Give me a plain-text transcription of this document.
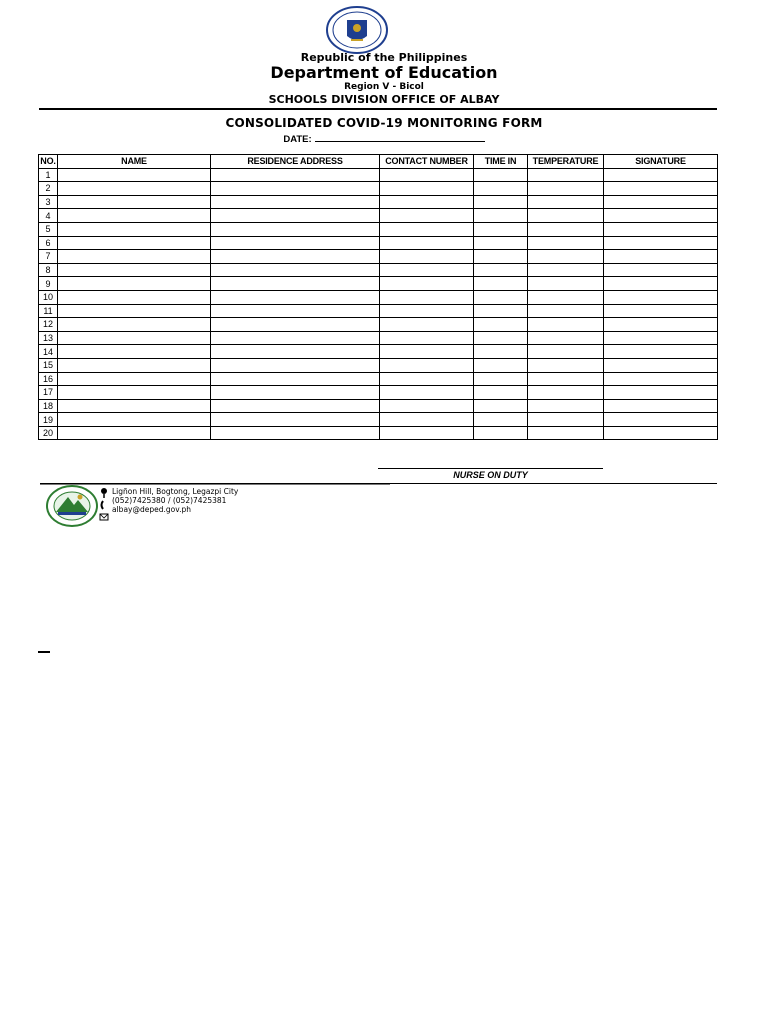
Republic of the Philippines
Department of Education
Region V - Bicol
SCHOOLS DIVISION OFFICE OF ALBAY
CONSOLIDATED COVID-19 MONITORING FORM
DATE:
NO.	NAME	RESIDENCE ADDRESS	CONTACT NUMBER	TIME IN	TEMPERATURE	SIGNATURE
1						
2						
3						
4						
5						
6						
7						
8						
9						
10						
11						
12						
13						
14						
15						
16						
17						
18						
19						
20						
NURSE ON DUTY
Ligñon Hill, Bogtong, Legazpi City
(052)7425380 / (052)7425381
albay@deped.gov.ph
